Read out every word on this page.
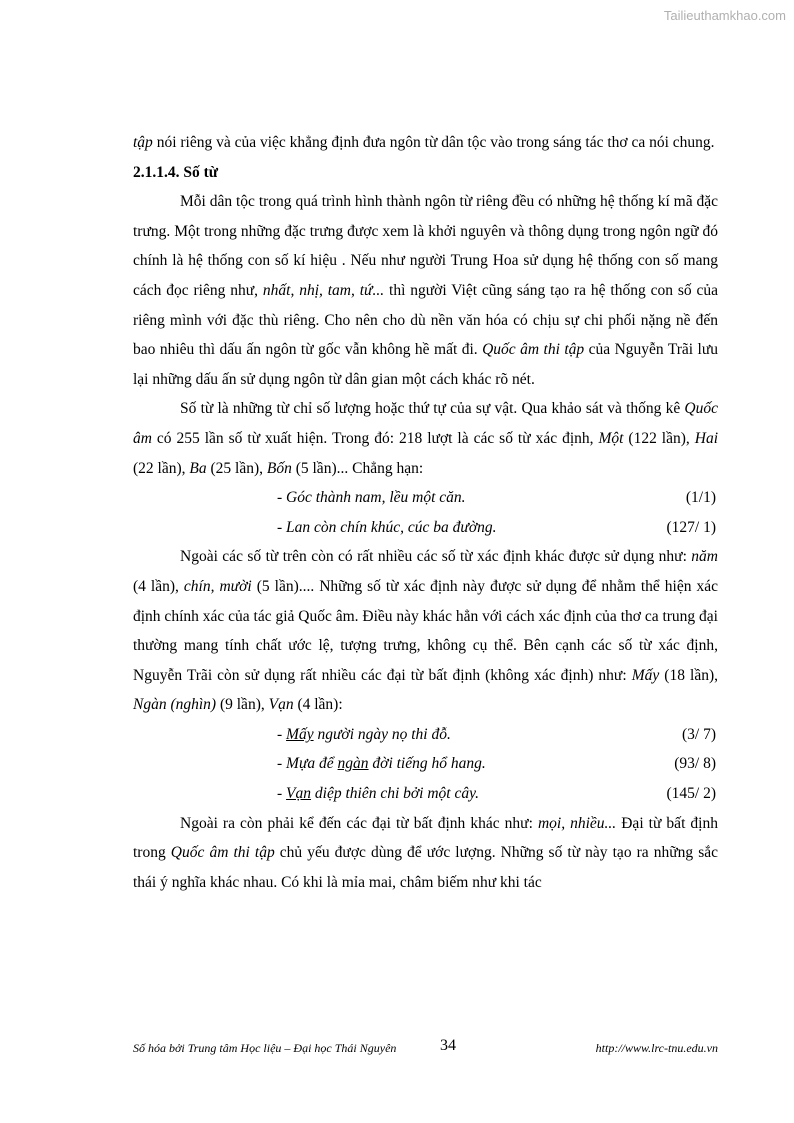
Tailieuthamkhao.com

tập nói riêng và của việc khẳng định đưa ngôn từ dân tộc vào trong sáng tác thơ ca nói chung.

2.1.1.4. Số từ

Mỗi dân tộc trong quá trình hình thành ngôn từ riêng đều có những hệ thống kí mã đặc trưng. Một trong những đặc trưng được xem là khởi nguyên và thông dụng trong ngôn ngữ đó chính là hệ thống con số kí hiệu . Nếu như người Trung Hoa sử dụng hệ thống con số mang cách đọc riêng như, nhất, nhị, tam, tứ... thì người Việt cũng sáng tạo ra hệ thống con số của riêng mình với đặc thù riêng. Cho nên cho dù nền văn hóa có chịu sự chi phối nặng nề đến bao nhiêu thì dấu ấn ngôn từ gốc vẫn không hề mất đi. Quốc âm thi tập của Nguyễn Trãi lưu lại những dấu ấn sử dụng ngôn từ dân gian một cách khác rõ nét.

Số từ là những từ chỉ số lượng hoặc thứ tự của sự vật. Qua khảo sát và thống kê Quốc âm có 255 lần số từ xuất hiện. Trong đó: 218 lượt là các số từ xác định, Một (122 lần), Hai (22 lần), Ba (25 lần), Bốn (5 lần)... Chẳng hạn:

- Góc thành nam, lều một căn.	(1/1)
- Lan còn chín khúc, cúc ba đường.	(127/ 1)

Ngoài các số từ trên còn có rất nhiều các số từ xác định khác được sử dụng như: năm (4 lần), chín, mười (5 lần).... Những số từ xác định này được sử dụng để nhằm thể hiện xác định chính xác của tác giả Quốc âm. Điều này khác hẳn với cách xác định của thơ ca trung đại thường mang tính chất ước lệ, tượng trưng, không cụ thể. Bên cạnh các số từ xác định, Nguyễn Trãi còn sử dụng rất nhiều các đại từ bất định (không xác định) như: Mấy (18 lần), Ngàn (nghìn) (9 lần), Vạn (4 lần):

- Mấy người ngày nọ thi đỗ.	(3/ 7)
- Mựa để ngàn đời tiếng hổ hang.	(93/ 8)
- Vạn diệp thiên chi bởi một cây.	(145/ 2)

Ngoài ra còn phải kể đến các đại từ bất định khác như: mọi, nhiều... Đại từ bất định trong Quốc âm thi tập chủ yếu được dùng để ước lượng. Những số từ này tạo ra những sắc thái ý nghĩa khác nhau. Có khi là mỉa mai, châm biếm như khi tác

Số hóa bởi Trung tâm Học liệu – Đại học Thái Nguyên	34	http://www.lrc-tnu.edu.vn
